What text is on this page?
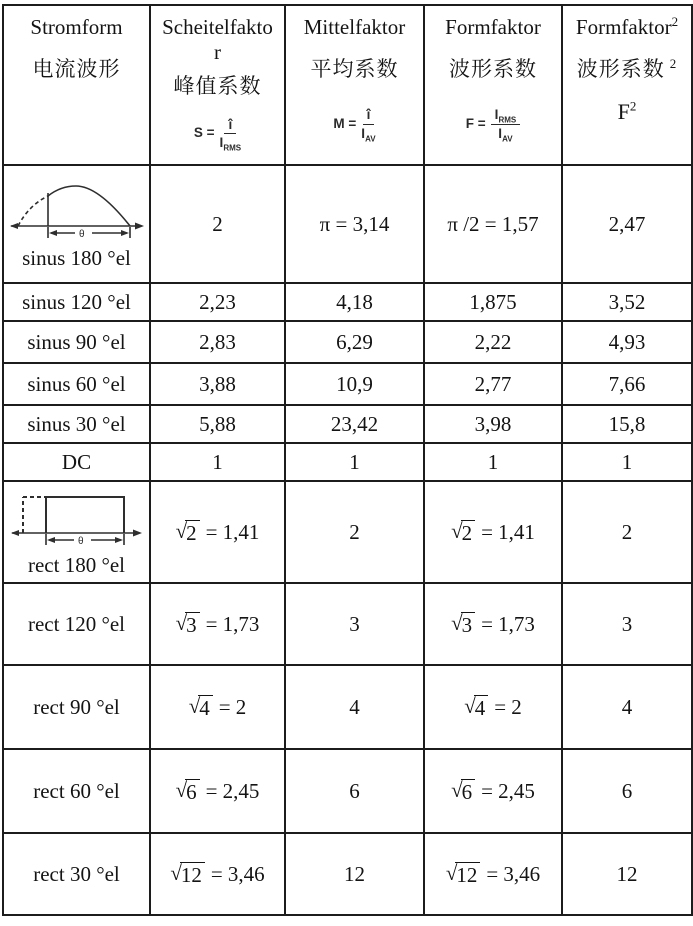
Stromform
电流波形

Scheitelfakto
r
峰值系数
$S = \frac{î}{I_{RMS}}$

Mittelfaktor
平均系数
$M = \frac{î}{I_{AV}}$

Formfaktor
波形系数
$F = \frac{I_{RMS}}{I_{AV}}$

Formfaktor$^2$
波形系数 $^2$
$F^2$

θ
sinus 180 °el	2	π = 3,14	π /2 = 1,57	2,47
sinus 120 °el	2,23	4,18	1,875	3,52
sinus 90 °el	2,83	6,29	2,22	4,93
sinus 60 °el	3,88	10,9	2,77	7,66
sinus 30 °el	5,88	23,42	3,98	15,8
DC	1	1	1	1

θ
rect 180 °el	√ 2 = 1,41	2	√ 2 = 1,41	2
rect 120 °el	√ 3 = 1,73	3	√ 3 = 1,73	3
rect 90 °el	√ 4 = 2	4	√ 4 = 2	4
rect 60 °el	√ 6 = 2,45	6	√ 6 = 2,45	6
rect 30 °el	√ 12 = 3,46	12	√ 12 = 3,46	12
